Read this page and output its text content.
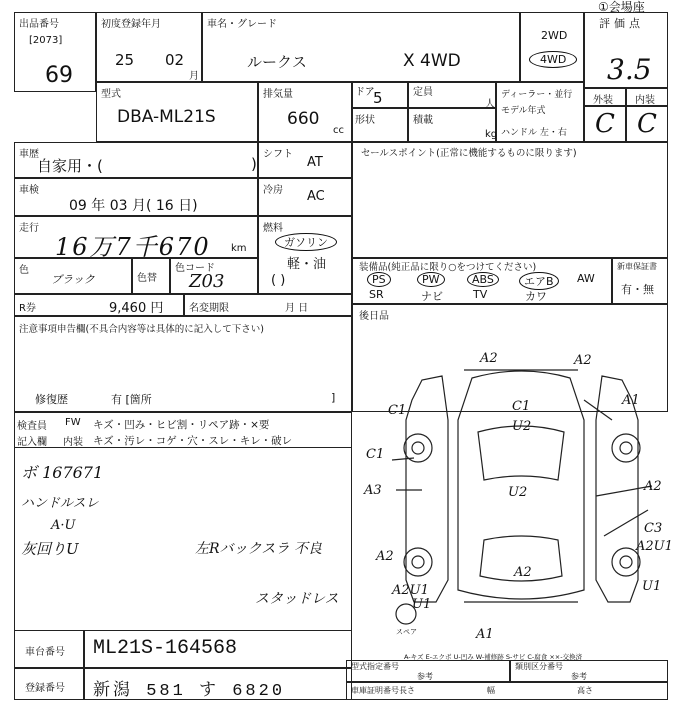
①会場座
出品番号
[2073]
69
初度登録年月
25 02
月
車名・グレード
ルークス	X 4WD
2WD
4WD
評価点
3.5
外装 内装
C C
型式
DBA-ML21S
排気量
660
cc
ドア
5	定員
人
形状	積載
kg
ディーラー・並行
モデル年式
ハンドル 左・右
車歴
自家用・(	)
シフト
AT
車検
09 年 03 月( 16 日)
冷房 AC
走行
16万7千670 km
燃料
ガソリン
軽・油
( )
色
ブラック	色替
色コード
Z03
R券	9,460 円	名変期限	月 日
注意事項申告欄(不具合内容等は具体的に記入して下さい)
修復歴	有 [箇所	]
セールスポイント(正常に機能するものに限ります)
装備品(純正品に限り○をつけてください)
PS	PW	ABS	エアB	AW
SR	ナビ	TV	カワ
新車保証書
有・無
後日品
検査員
記入欄
FW キズ・凹み・ヒビ割・リペア跡・×要
内装 キズ・汚レ・コゲ・穴・スレ・キレ・破レ
ボ 167671
ハンドルスレ
A·U
灰回りU	左Rバックスラ 不良
スタッドレス
A2	A2
A1
C1	C1
U2
C1
A3	U2	A2
C3
A2U1
A2
A2
U1
U1
A2U1
A1
スペア
A-キズ E-エクボ U-凹み W-補修跡 S-サビ C-腐食 ××-交換済
車台番号 ML21S-164568
登録番号 新潟 581 す 6820
型式指定番号
参考
類別区分番号
参考
車庫証明番号 長さ	幅	高さ
